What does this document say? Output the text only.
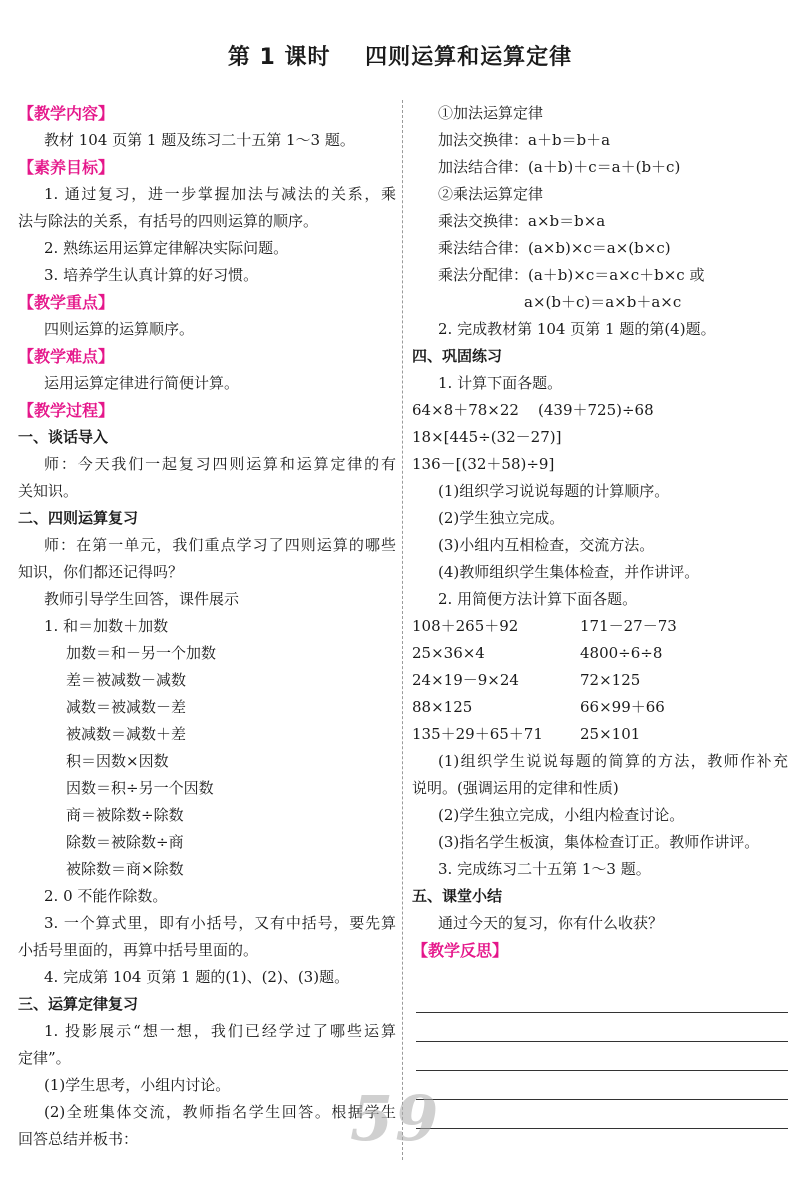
第 1 课时    四则运算和运算定律
【教学内容】
教材 104 页第 1 题及练习二十五第 1～3 题。
【素养目标】
1. 通过复习，进一步掌握加法与减法的关系，乘
法与除法的关系，有括号的四则运算的顺序。
2. 熟练运用运算定律解决实际问题。
3. 培养学生认真计算的好习惯。
【教学重点】
四则运算的运算顺序。
【教学难点】
运用运算定律进行简便计算。
【教学过程】
一、谈话导入
师：今天我们一起复习四则运算和运算定律的有
关知识。
二、四则运算复习
师：在第一单元，我们重点学习了四则运算的哪些
知识，你们都还记得吗？
教师引导学生回答，课件展示
1. 和＝加数＋加数
加数＝和－另一个加数
差＝被减数－减数
减数＝被减数－差
被减数＝减数＋差
积＝因数×因数
因数＝积÷另一个因数
商＝被除数÷除数
除数＝被除数÷商
被除数＝商×除数
2. 0 不能作除数。
3. 一个算式里，即有小括号，又有中括号，要先算
小括号里面的，再算中括号里面的。
4. 完成第 104 页第 1 题的(1)、(2)、(3)题。
三、运算定律复习
1. 投影展示“想一想，我们已经学过了哪些运算
定律”。
(1)学生思考，小组内讨论。
(2)全班集体交流，教师指名学生回答。根据学生
回答总结并板书：
①加法运算定律
加法交换律：a＋b＝b＋a
加法结合律：(a＋b)＋c＝a＋(b＋c)
②乘法运算定律
乘法交换律：a×b＝b×a
乘法结合律：(a×b)×c＝a×(b×c)
乘法分配律：(a＋b)×c＝a×c＋b×c 或
a×(b＋c)＝a×b＋a×c
2. 完成教材第 104 页第 1 题的第(4)题。
四、巩固练习
1. 计算下面各题。
64×8＋78×22    (439＋725)÷68
18×[445÷(32－27)]
136－[(32＋58)÷9]
(1)组织学习说说每题的计算顺序。
(2)学生独立完成。
(3)小组内互相检查，交流方法。
(4)教师组织学生集体检查，并作讲评。
2. 用简便方法计算下面各题。
108＋265＋92	171－27－73
25×36×4	4800÷6÷8
24×19－9×24	72×125
88×125	66×99＋66
135＋29＋65＋71	25×101
(1)组织学生说说每题的简算的方法，教师作补充
说明。(强调运用的定律和性质)
(2)学生独立完成，小组内检查讨论。
(3)指名学生板演，集体检查订正。教师作讲评。
3. 完成练习二十五第 1～3 题。
五、课堂小结
通过今天的复习，你有什么收获？
【教学反思】
59
